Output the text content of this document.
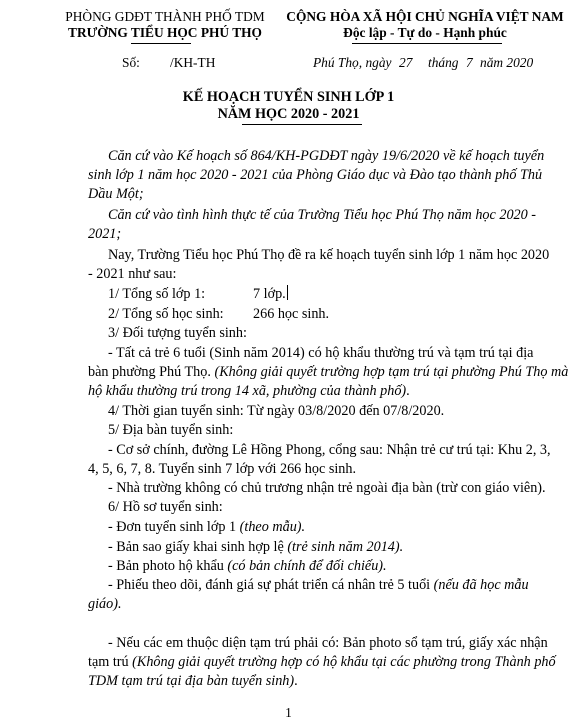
PHÒNG GDĐT THÀNH PHỐ TDM
TRƯỜNG TIỂU HỌC PHÚ THỌ
CỘNG HÒA XÃ HỘI CHỦ NGHĨA VIỆT NAM
Độc lập - Tự do - Hạnh phúc
Số: /KH-TH	Phú Thọ, ngày 27 tháng 7 năm 2020
KẾ HOẠCH TUYỂN SINH LỚP 1
NĂM HỌC 2020 - 2021
Căn cứ vào Kế hoạch số 864/KH-PGDĐT ngày 19/6/2020 về kế hoạch tuyển
sinh lớp 1 năm học 2020 - 2021 của Phòng Giáo dục và Đào tạo thành phố Thủ
Dầu Một;
Căn cứ vào tình hình thực tế của Trường Tiểu học Phú Thọ năm học 2020 -
2021;
Nay, Trường Tiểu học Phú Thọ đề ra kế hoạch tuyển sinh lớp 1 năm học 2020
- 2021 như sau:
1/ Tổng số lớp 1:	7 lớp.
2/ Tổng số học sinh: 266 học sinh.
3/ Đối tượng tuyển sinh:
- Tất cả trẻ 6 tuổi (Sinh năm 2014) có hộ khẩu thường trú và tạm trú tại địa
bàn phường Phú Thọ. (Không giải quyết trường hợp tạm trú tại phường Phú Thọ mà
hộ khẩu thường trú trong 14 xã, phường của thành phố).
4/ Thời gian tuyển sinh: Từ ngày 03/8/2020 đến 07/8/2020.
5/ Địa bàn tuyển sinh:
- Cơ sở chính, đường Lê Hồng Phong, cổng sau: Nhận trẻ cư trú tại: Khu 2, 3,
4, 5, 6, 7, 8. Tuyển sinh 7 lớp với 266 học sinh.
- Nhà trường không có chủ trương nhận trẻ ngoài địa bàn (trừ con giáo viên).
6/ Hồ sơ tuyển sinh:
- Đơn tuyển sinh lớp 1 (theo mẫu).
- Bản sao giấy khai sinh hợp lệ (trẻ sinh năm 2014).
- Bản photo hộ khẩu (có bản chính để đối chiếu).
- Phiếu theo dõi, đánh giá sự phát triển cá nhân trẻ 5 tuổi (nếu đã học mẫu
giáo).
- Nếu các em thuộc diện tạm trú phải có: Bản photo sổ tạm trú, giấy xác nhận
tạm trú (Không giải quyết trường hợp có hộ khẩu tại các phường trong Thành phố
TDM tạm trú tại địa bàn tuyển sinh).
1
